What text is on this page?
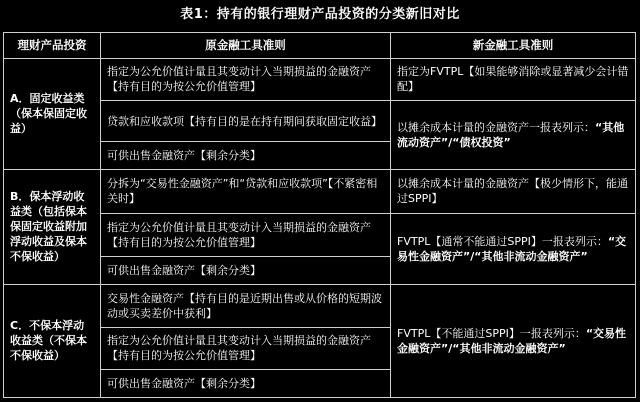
表1：持有的银行理财产品投资的分类新旧对比
理财产品投资	原金融工具准则	新金融工具准则
A．固定收益类（保本保固定收益）	指定为公允价值计量且其变动计入当期损益的金融资产【持有目的为按公允价值管理】	指定为FVTPL【如果能够消除或显著减少会计错配】
	贷款和应收款项【持有目的是在持有期间获取固定收益】	以摊余成本计量的金融资产一报表列示：“其他流动资产”/“债权投资”
	可供出售金融资产【剩余分类】	
B．保本浮动收益类（包括保本保固定收益附加浮动收益及保本不保收益）	分拆为“交易性金融资产”和“贷款和应收款项”【不紧密相关时】	以摊余成本计量的金融资产【极少情形下，能通过SPPI】
	指定为公允价值计量且其变动计入当期损益的金融资产【持有目的为按公允价值管理】	FVTPL【通常不能通过SPPI】一报表列示：“交易性金融资产”/“其他非流动金融资产”
	可供出售金融资产【剩余分类】	
C．不保本浮动收益类（不保本不保收益）	交易性金融资产【持有目的是近期出售或从价格的短期波动或买卖差价中获利】	FVTPL【不能通过SPPI】一报表列示：“交易性金融资产”/“其他非流动金融资产”
	指定为公允价值计量且其变动计入当期损益的金融资产【持有目的为按公允价值管理】	
	可供出售金融资产【剩余分类】	
